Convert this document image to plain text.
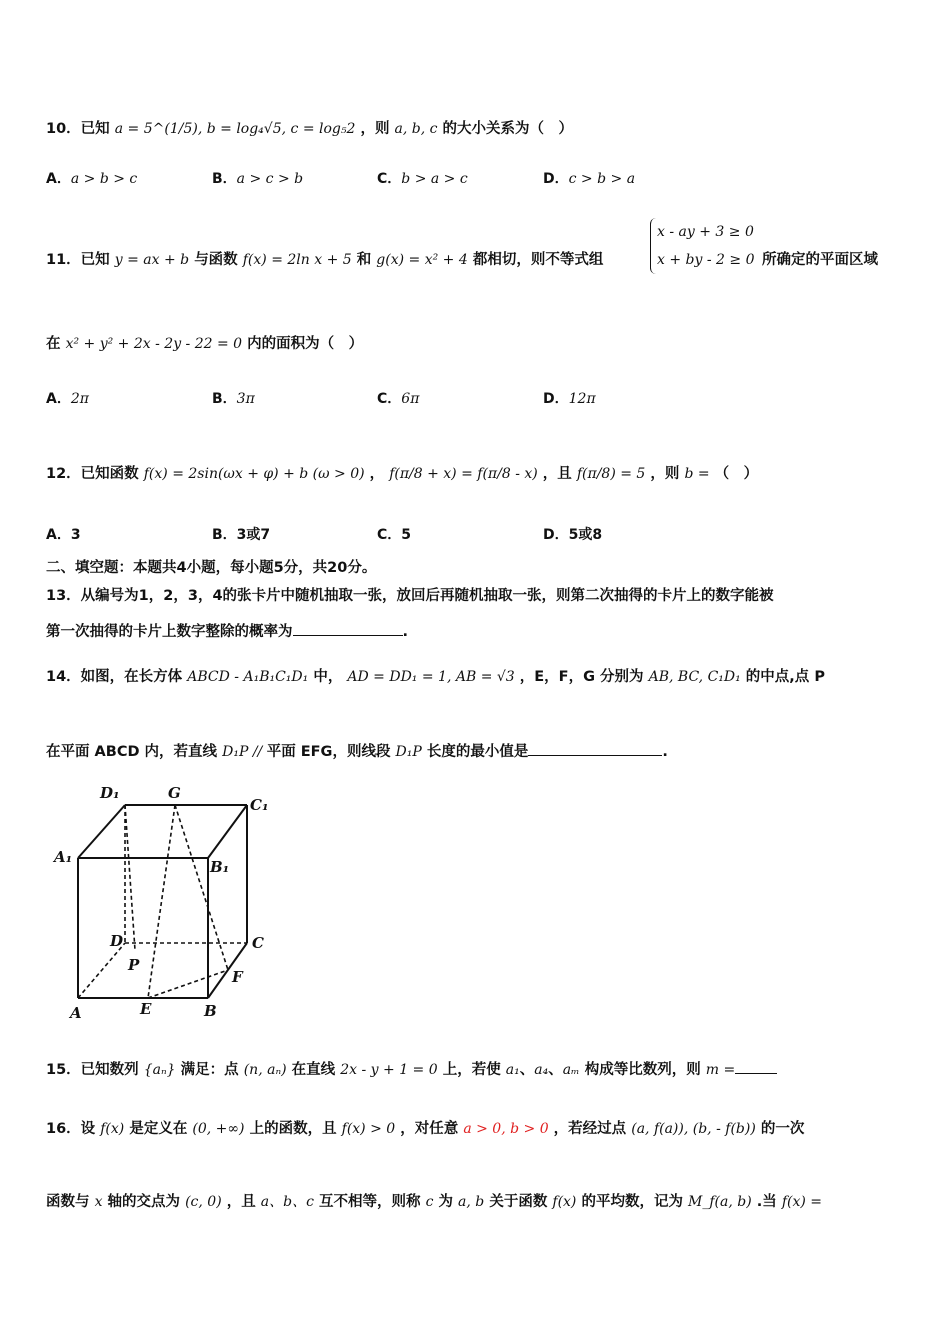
10．已知 a = 5^(1/5), b = log₄√5, c = log₅2 ，则 a, b, c 的大小关系为（　）
A．a > b > c	B．a > c > b	C．b > a > c	D．c > b > a
11．已知 y = ax + b 与函数 f(x) = 2ln x + 5 和 g(x) = x² + 4 都相切，则不等式组
x - ay + 3 ≥ 0
x + by - 2 ≥ 0 所确定的平面区域
在 x² + y² + 2x - 2y - 22 = 0 内的面积为（　）
A．2π	B．3π	C．6π	D．12π
12．已知函数 f(x) = 2sin(ωx + φ) + b (ω > 0) ， f(π/8 + x) = f(π/8 - x) ，且 f(π/8) = 5 ，则 b = （　）
A．3	B．3或7	C．5	D．5或8
二、填空题：本题共4小题，每小题5分，共20分。
13．从编号为1，2，3，4的张卡片中随机抽取一张，放回后再随机抽取一张，则第二次抽得的卡片上的数字能被
第一次抽得的卡片上数字整除的概率为	.
14．如图，在长方体 ABCD - A₁B₁C₁D₁ 中， AD = DD₁ = 1, AB = √3 ，E，F，G 分别为 AB, BC, C₁D₁ 的中点,点 P
在平面 ABCD 内，若直线 D₁P // 平面 EFG，则线段 D₁P 长度的最小值是	.
D₁	G
C₁
A₁
B₁
D	C
P
F
A	E	B
15．已知数列 {aₙ} 满足：点 (n, aₙ) 在直线 2x - y + 1 = 0 上，若使 a₁、a₄、aₘ 构成等比数列，则 m =
16．设 f(x) 是定义在 (0, +∞) 上的函数，且 f(x) > 0 ，对任意 a > 0, b > 0 ，若经过点 (a, f(a)), (b, - f(b)) 的一次
函数与 x 轴的交点为 (c, 0) ，且 a、b、c 互不相等，则称 c 为 a, b 关于函数 f(x) 的平均数，记为 M_f(a, b) .当 f(x) =
